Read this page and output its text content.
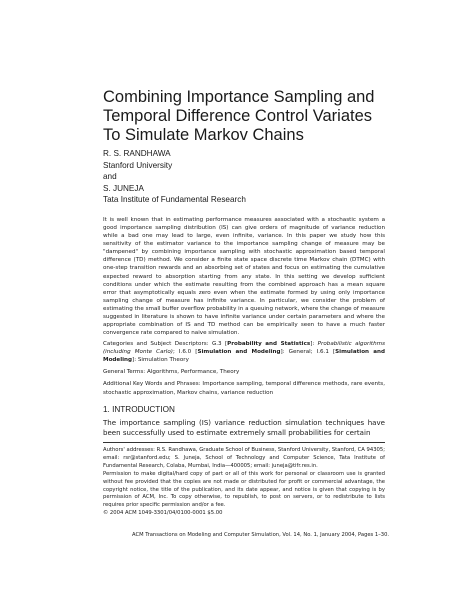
Combining Importance Sampling and
Temporal Difference Control Variates
To Simulate Markov Chains
R. S. RANDHAWA
Stanford University
and
S. JUNEJA
Tata Institute of Fundamental Research

It is well known that in estimating performance measures associated with a stochastic system a good importance sampling distribution (IS) can give orders of magnitude of variance reduction while a bad one may lead to large, even infinite, variance. In this paper we study how this sensitivity of the estimator variance to the importance sampling change of measure may be "dampened" by combining importance sampling with stochastic approximation based temporal difference (TD) method. We consider a finite state space discrete time Markov chain (DTMC) with one-step transition rewards and an absorbing set of states and focus on estimating the cumulative expected reward to absorption starting from any state. In this setting we develop sufficient conditions under which the estimate resulting from the combined approach has a mean square error that asymptotically equals zero even when the estimate formed by using only importance sampling change of measure has infinite variance. In particular, we consider the problem of estimating the small buffer overflow probability in a queuing network, where the change of measure suggested in literature is shown to have infinite variance under certain parameters and where the appropriate combination of IS and TD method can be empirically seen to have a much faster convergence rate compared to naive simulation.

Categories and Subject Descriptors: G.3 [Probability and Statistics]: Probabilistic algorithms (including Monte Carlo); I.6.0 [Simulation and Modeling]: General; I.6.1 [Simulation and Modeling]: Simulation Theory

General Terms: Algorithms, Performance, Theory

Additional Key Words and Phrases: Importance sampling, temporal difference methods, rare events, stochastic approximation, Markov chains, variance reduction

1. INTRODUCTION
The importance sampling (IS) variance reduction simulation techniques have been successfully used to estimate extremely small probabilities for certain

Authors' addresses: R.S. Randhawa, Graduate School of Business, Stanford University, Stanford, CA 94305; email: rsr@stanford.edu; S. Juneja, School of Technology and Computer Science, Tata Institute of Fundamental Research, Colaba, Mumbai, India—400005; email: juneja@tifr.res.in.

Permission to make digital/hard copy of part or all of this work for personal or classroom use is granted without fee provided that the copies are not made or distributed for profit or commercial advantage, the copyright notice, the title of the publication, and its date appear, and notice is given that copying is by permission of ACM, Inc. To copy otherwise, to republish, to post on servers, or to redistribute to lists requires prior specific permission and/or a fee.

© 2004 ACM 1049-3301/04/0100-0001 $5.00

ACM Transactions on Modeling and Computer Simulation, Vol. 14, No. 1, January 2004, Pages 1–30.
